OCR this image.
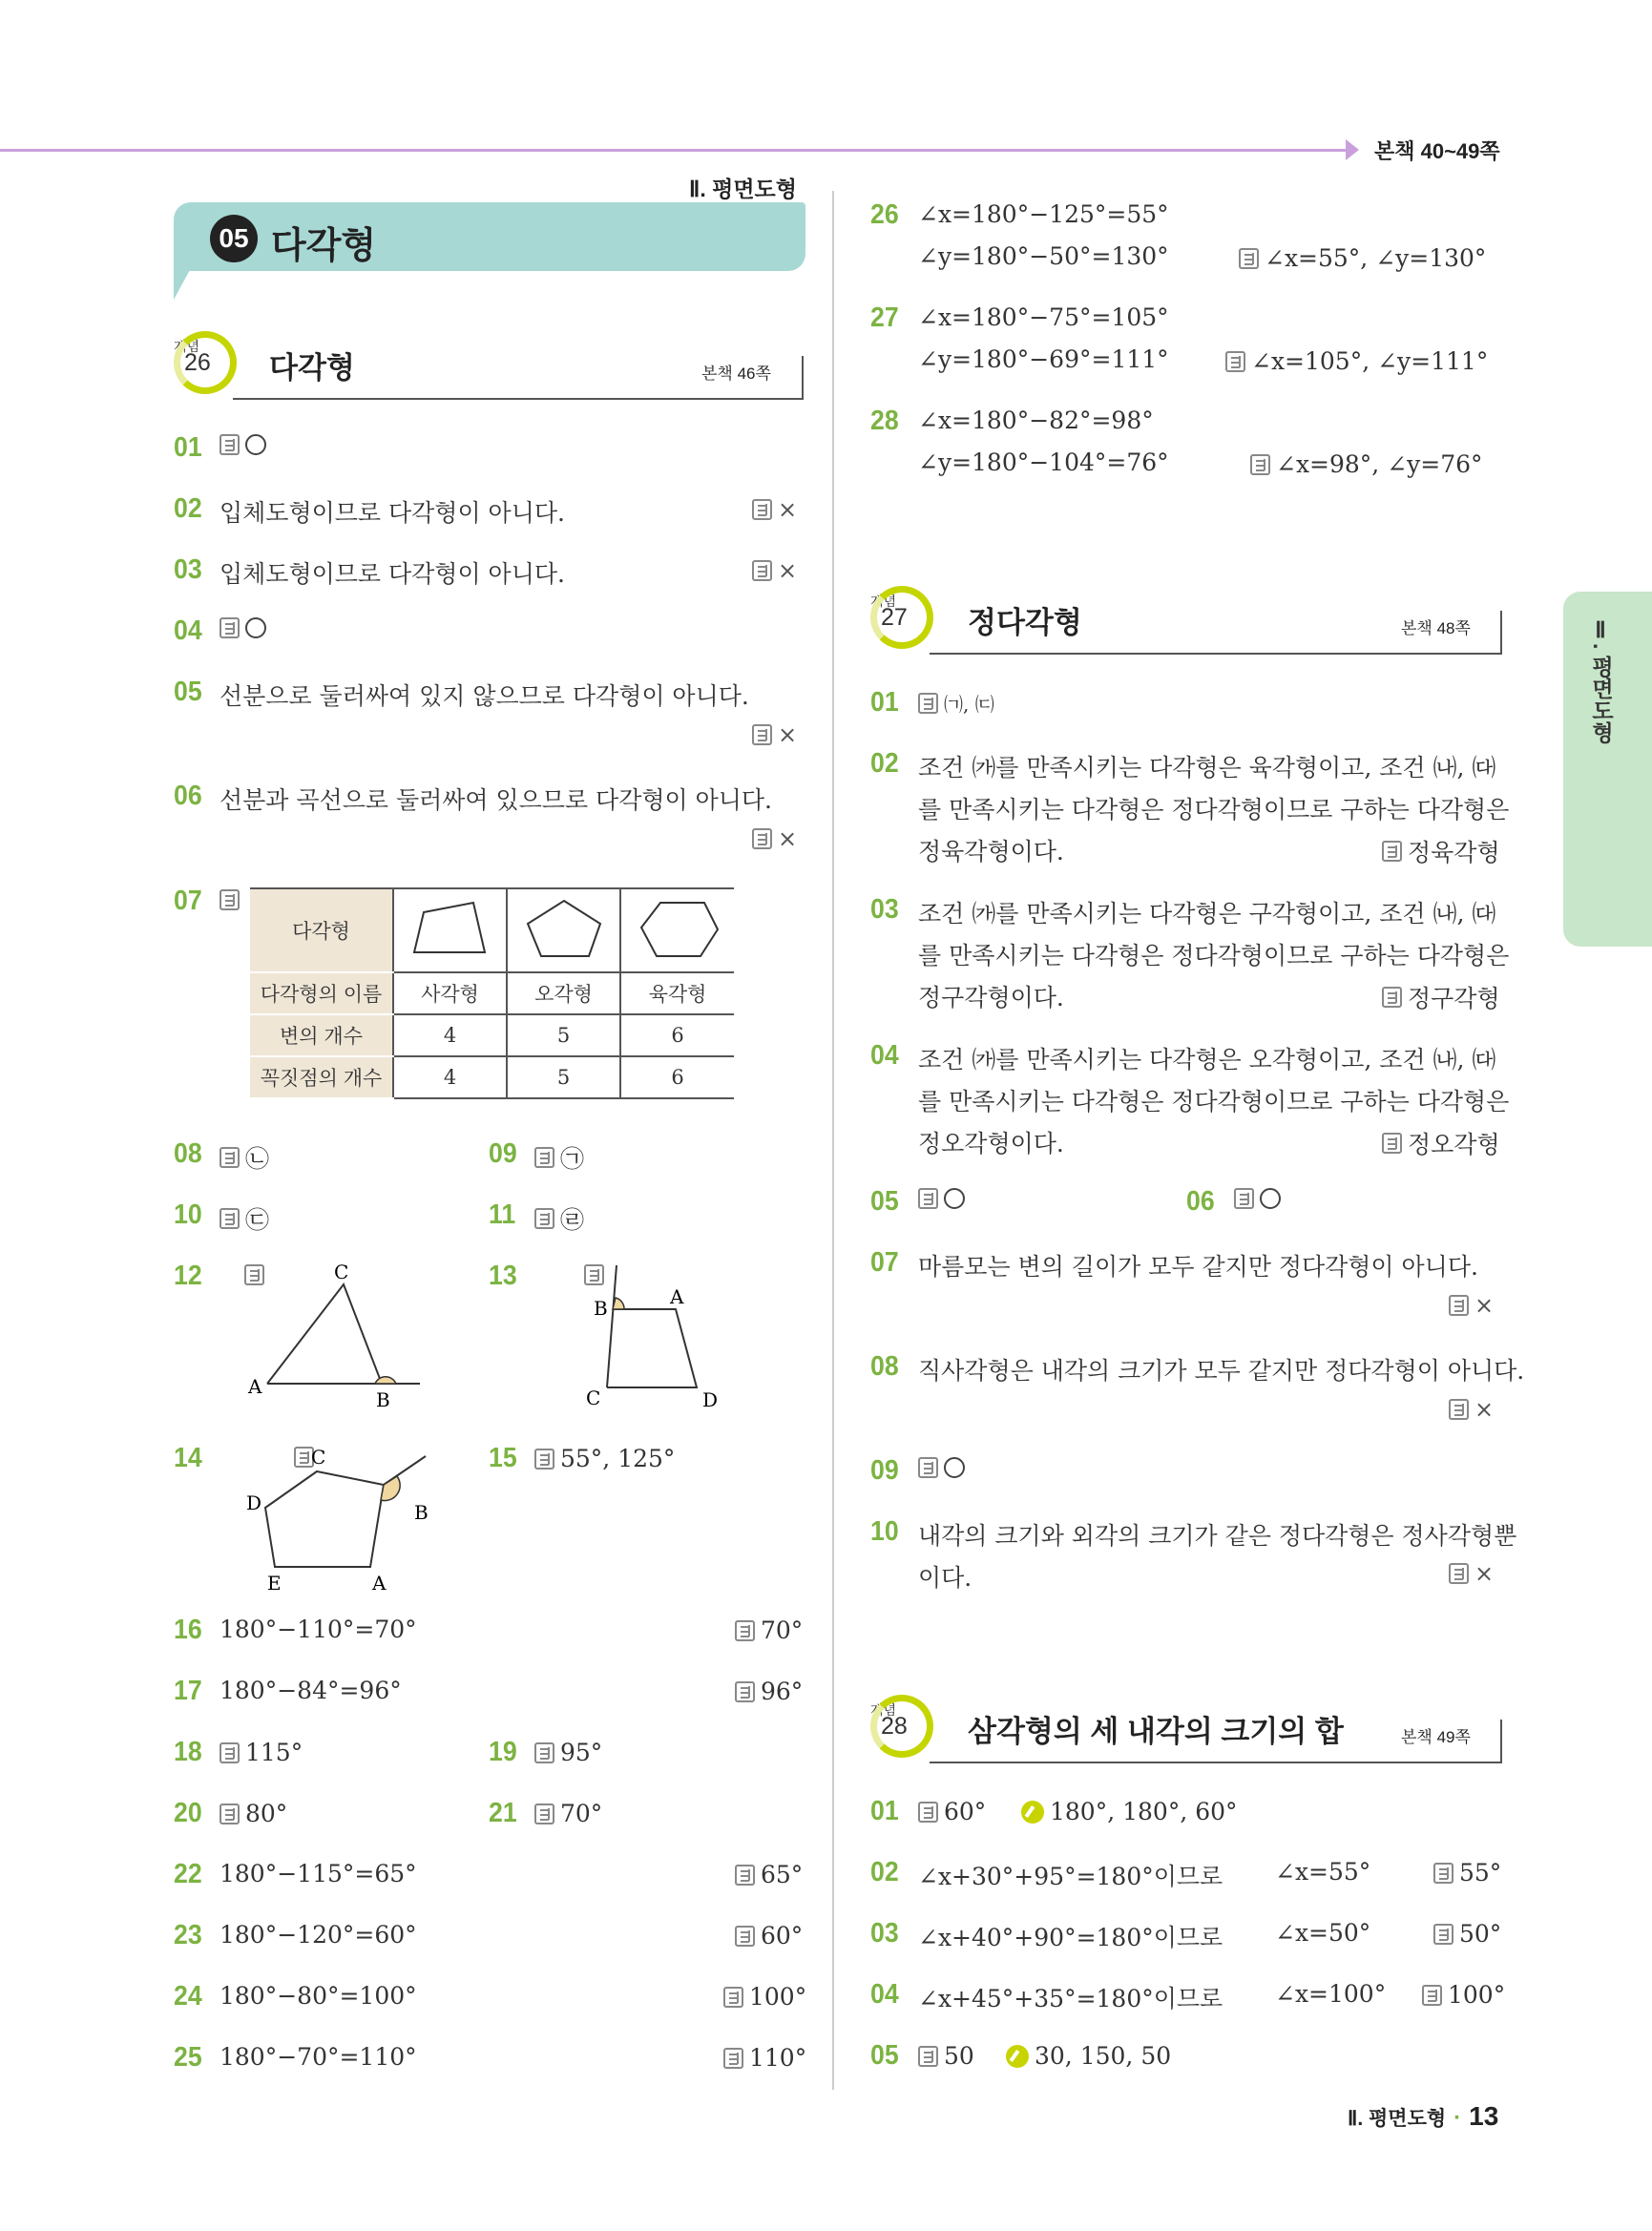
본책 40~49쪽
Ⅱ. 평면도형
05 다각형
Ⅱ. 평면도형
개념
26 다각형	본책 46쪽
01
02 입체도형이므로 다각형이 아니다.	×
03 입체도형이므로 다각형이 아니다.	×
04
05 선분으로 둘러싸여 있지 않으므로 다각형이 아니다.
×
06 선분과 곡선으로 둘러싸여 있으므로 다각형이 아니다.
×
07

다각형			
다각형의 이름	사각형	오각형	육각형
변의 개수	4	5	6
꼭짓점의 개수	4	5	6
08 ㉡	09 ㉠
10 ㉢	11 ㉣
12
	C
A
B
13

B	A
C	D
14	C
D	B
E	A
15 55°, 125°
16 180°−110°=70°	70°
17 180°−84°=96°	96°
18 115°	19 95°
20 80°	21 70°
22 180°−115°=65°	65°
23 180°−120°=60°	60°
24 180°−80°=100°	100°
25 180°−70°=110°	110°
26 ∠x=180°−125°=55°
∠y=180°−50°=130°	∠x=55°, ∠y=130°
27 ∠x=180°−75°=105°
∠y=180°−69°=111°	∠x=105°, ∠y=111°
28 ∠x=180°−82°=98°
∠y=180°−104°=76°	∠x=98°, ∠y=76°
개념
27 정다각형	본책 48쪽
01 ㈀, ㈂
02 조건 ㈎를 만족시키는 다각형은 육각형이고, 조건 ㈏, ㈐
를 만족시키는 다각형은 정다각형이므로 구하는 다각형은
정육각형이다.	정육각형
03 조건 ㈎를 만족시키는 다각형은 구각형이고, 조건 ㈏, ㈐
를 만족시키는 다각형은 정다각형이므로 구하는 다각형은
정구각형이다.	정구각형
04 조건 ㈎를 만족시키는 다각형은 오각형이고, 조건 ㈏, ㈐
를 만족시키는 다각형은 정다각형이므로 구하는 다각형은
정오각형이다.	정오각형
05	06
07 마름모는 변의 길이가 모두 같지만 정다각형이 아니다.
×
08 직사각형은 내각의 크기가 모두 같지만 정다각형이 아니다.
×
09
10 내각의 크기와 외각의 크기가 같은 정다각형은 정사각형뿐
이다.	×
개념
28 삼각형의 세 내각의 크기의 합	본책 49쪽
01 60°	180°, 180°, 60°
02 ∠x+30°+95°=180°이므로 ∠x=55°	55°
03 ∠x+40°+90°=180°이므로 ∠x=50°	50°
04 ∠x+45°+35°=180°이므로 ∠x=100°	100°
05 50	30, 150, 50
Ⅱ. 평면도형 · 13
